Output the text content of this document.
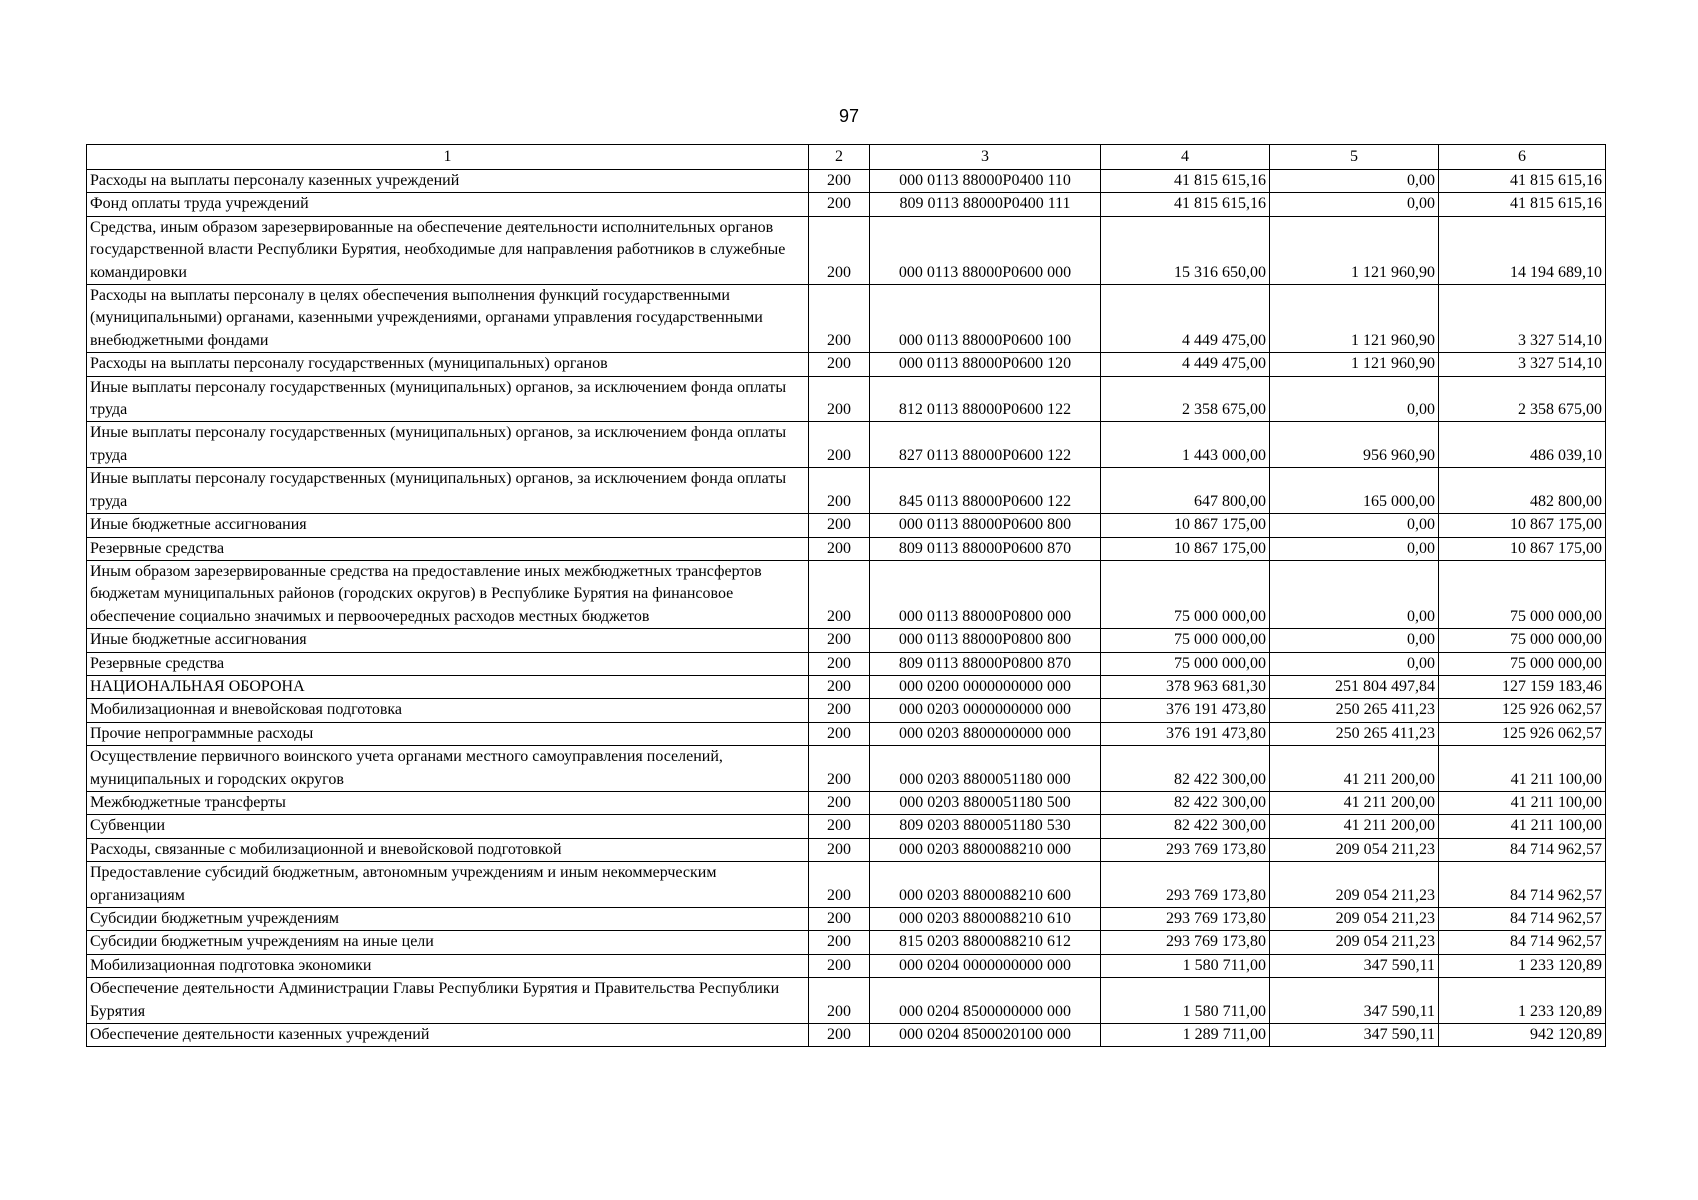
97
1	2	3	4	5	6
Расходы на выплаты персоналу казенных учреждений	200	000 0113 88000Р0400 110	41 815 615,16	0,00	41 815 615,16
Фонд оплаты труда учреждений	200	809 0113 88000Р0400 111	41 815 615,16	0,00	41 815 615,16
Средства, иным образом зарезервированные на обеспечение деятельности исполнительных органов государственной власти Республики Бурятия, необходимые для направления работников в служебные командировки	200	000 0113 88000Р0600 000	15 316 650,00	1 121 960,90	14 194 689,10
Расходы на выплаты персоналу в целях обеспечения выполнения функций государственными (муниципальными) органами, казенными учреждениями, органами управления государственными внебюджетными фондами	200	000 0113 88000Р0600 100	4 449 475,00	1 121 960,90	3 327 514,10
Расходы на выплаты персоналу государственных (муниципальных) органов	200	000 0113 88000Р0600 120	4 449 475,00	1 121 960,90	3 327 514,10
Иные выплаты персоналу государственных (муниципальных) органов, за исключением фонда оплаты труда	200	812 0113 88000Р0600 122	2 358 675,00	0,00	2 358 675,00
Иные выплаты персоналу государственных (муниципальных) органов, за исключением фонда оплаты труда	200	827 0113 88000Р0600 122	1 443 000,00	956 960,90	486 039,10
Иные выплаты персоналу государственных (муниципальных) органов, за исключением фонда оплаты труда	200	845 0113 88000Р0600 122	647 800,00	165 000,00	482 800,00
Иные бюджетные ассигнования	200	000 0113 88000Р0600 800	10 867 175,00	0,00	10 867 175,00
Резервные средства	200	809 0113 88000Р0600 870	10 867 175,00	0,00	10 867 175,00
Иным образом зарезервированные средства на предоставление иных межбюджетных трансфертов бюджетам муниципальных районов (городских округов) в Республике Бурятия на финансовое обеспечение социально значимых и первоочередных расходов местных бюджетов	200	000 0113 88000Р0800 000	75 000 000,00	0,00	75 000 000,00
Иные бюджетные ассигнования	200	000 0113 88000Р0800 800	75 000 000,00	0,00	75 000 000,00
Резервные средства	200	809 0113 88000Р0800 870	75 000 000,00	0,00	75 000 000,00
НАЦИОНАЛЬНАЯ ОБОРОНА	200	000 0200 0000000000 000	378 963 681,30	251 804 497,84	127 159 183,46
Мобилизационная и вневойсковая подготовка	200	000 0203 0000000000 000	376 191 473,80	250 265 411,23	125 926 062,57
Прочие непрограммные расходы	200	000 0203 8800000000 000	376 191 473,80	250 265 411,23	125 926 062,57
Осуществление первичного воинского учета органами местного самоуправления поселений, муниципальных и городских округов	200	000 0203 8800051180 000	82 422 300,00	41 211 200,00	41 211 100,00
Межбюджетные трансферты	200	000 0203 8800051180 500	82 422 300,00	41 211 200,00	41 211 100,00
Субвенции	200	809 0203 8800051180 530	82 422 300,00	41 211 200,00	41 211 100,00
Расходы, связанные с мобилизационной и вневойсковой подготовкой	200	000 0203 8800088210 000	293 769 173,80	209 054 211,23	84 714 962,57
Предоставление субсидий бюджетным, автономным учреждениям и иным некоммерческим организациям	200	000 0203 8800088210 600	293 769 173,80	209 054 211,23	84 714 962,57
Субсидии бюджетным учреждениям	200	000 0203 8800088210 610	293 769 173,80	209 054 211,23	84 714 962,57
Субсидии бюджетным учреждениям на иные цели	200	815 0203 8800088210 612	293 769 173,80	209 054 211,23	84 714 962,57
Мобилизационная подготовка экономики	200	000 0204 0000000000 000	1 580 711,00	347 590,11	1 233 120,89
Обеспечение деятельности Администрации Главы Республики Бурятия и Правительства Республики Бурятия	200	000 0204 8500000000 000	1 580 711,00	347 590,11	1 233 120,89
Обеспечение деятельности казенных учреждений	200	000 0204 8500020100 000	1 289 711,00	347 590,11	942 120,89
